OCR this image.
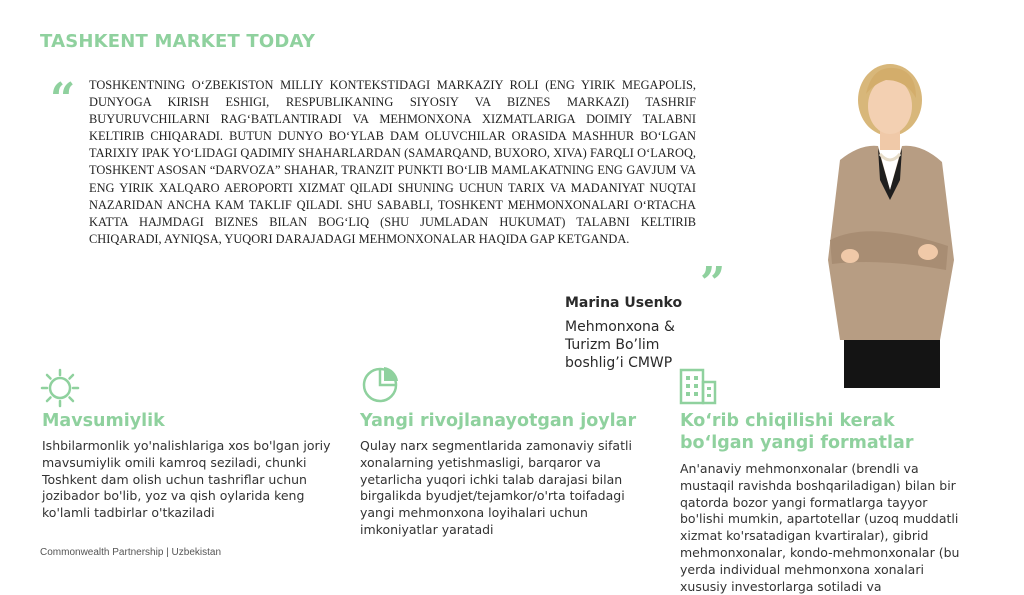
TASHKENT MARKET TODAY
“ TOSHKENTNING O‘ZBEKISTON MILLIY KONTEKSTIDAGI MARKAZIY ROLI (ENG YIRIK MEGAPOLIS, DUNYOGA KIRISH ESHIGI, RESPUBLIKANING SIYOSIY VA BIZNES MARKAZI) TASHRIF BUYURUVCHILARNI RAG‘BATLANTIRADI VA MEHMONXONA XIZMATLARIGA DOIMIY TALABNI KELTIRIB CHIQARADI. BUTUN DUNYO BO‘YLAB DAM OLUVCHILAR ORASIDA MASHHUR BO‘LGAN TARIXIY IPAK YO‘LIDAGI QADIMIY SHAHARLARDAN (SAMARQAND, BUXORO, XIVA) FARQLI O‘LAROQ, TOSHKENT ASOSAN “DARVOZA” SHAHAR, TRANZIT PUNKTI BO‘LIB MAMLAKATNING ENG GAVJUM VA ENG YIRIK XALQARO AEROPORTI XIZMAT QILADI SHUNING UCHUN TARIX VA MADANIYAT NUQTAI NAZARIDAN ANCHA KAM TAKLIF QILADI. SHU SABABLI, TOSHKENT MEHMONXONALARI O‘RTACHA KATTA HAJMDAGI BIZNES BILAN BOG‘LIQ (SHU JUMLADAN HUKUMAT) TALABNI KELTIRIB CHIQARADI, AYNIQSA, YUQORI DARAJADAGI MEHMONXONALAR HAQIDA GAP KETGANDA.
”
Marina Usenko
Mehmonxona & Turizm Bo’lim boshlig’i CMWP
Mavsumiylik
Ishbilarmonlik yo'nalishlariga xos bo'lgan joriy mavsumiylik omili kamroq seziladi, chunki Toshkent dam olish uchun tashriflar uchun jozibador bo'lib, yoz va qish oylarida keng ko'lamli tadbirlar o'tkaziladi
Yangi rivojlanayotgan joylar
Qulay narx segmentlarida zamonaviy sifatli xonalarning yetishmasligi, barqaror va yetarlicha yuqori ichki talab darajasi bilan birgalikda byudjet/tejamkor/o'rta toifadagi yangi mehmonxona loyihalari uchun imkoniyatlar yaratadi
Ko‘rib chiqilishi kerak bo‘lgan yangi formatlar
An'anaviy mehmonxonalar (brendli va mustaqil ravishda boshqariladigan) bilan bir qatorda bozor yangi formatlarga tayyor bo'lishi mumkin, apartotellar (uzoq muddatli xizmat ko'rsatadigan kvartiralar), gibrid mehmonxonalar, kondo-mehmonxonalar (bu yerda individual mehmonxona xonalari xususiy investorlarga sotiladi va
Commonwealth Partnership | Uzbekistan
